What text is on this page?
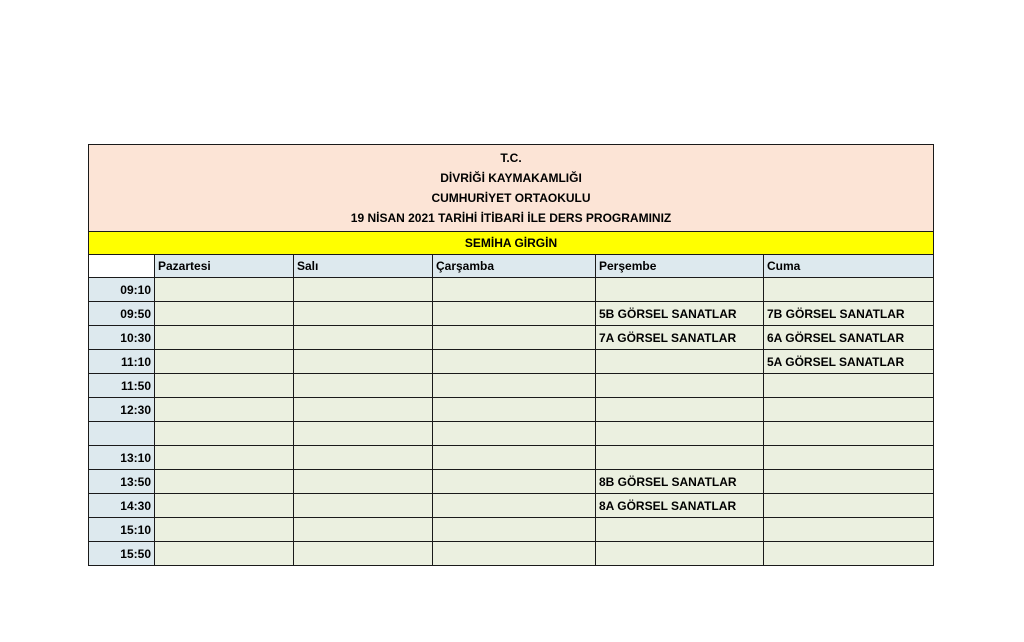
T.C.
DİVRİĞİ KAYMAKAMLIĞI
CUMHURİYET ORTAOKULU
19 NİSAN 2021 TARİHİ İTİBARİ İLE DERS PROGRAMINIZ					

SEMİHA GİRGİN					
	Pazartesi	Salı	Çarşamba	Perşembe	Cuma
09:10					
09:50				5B GÖRSEL SANATLAR	7B GÖRSEL SANATLAR
10:30				7A GÖRSEL SANATLAR	6A GÖRSEL SANATLAR
11:10					5A GÖRSEL SANATLAR
11:50					
12:30					

13:10					
13:50				8B GÖRSEL SANATLAR	
14:30				8A GÖRSEL SANATLAR	
15:10					
15:50					
